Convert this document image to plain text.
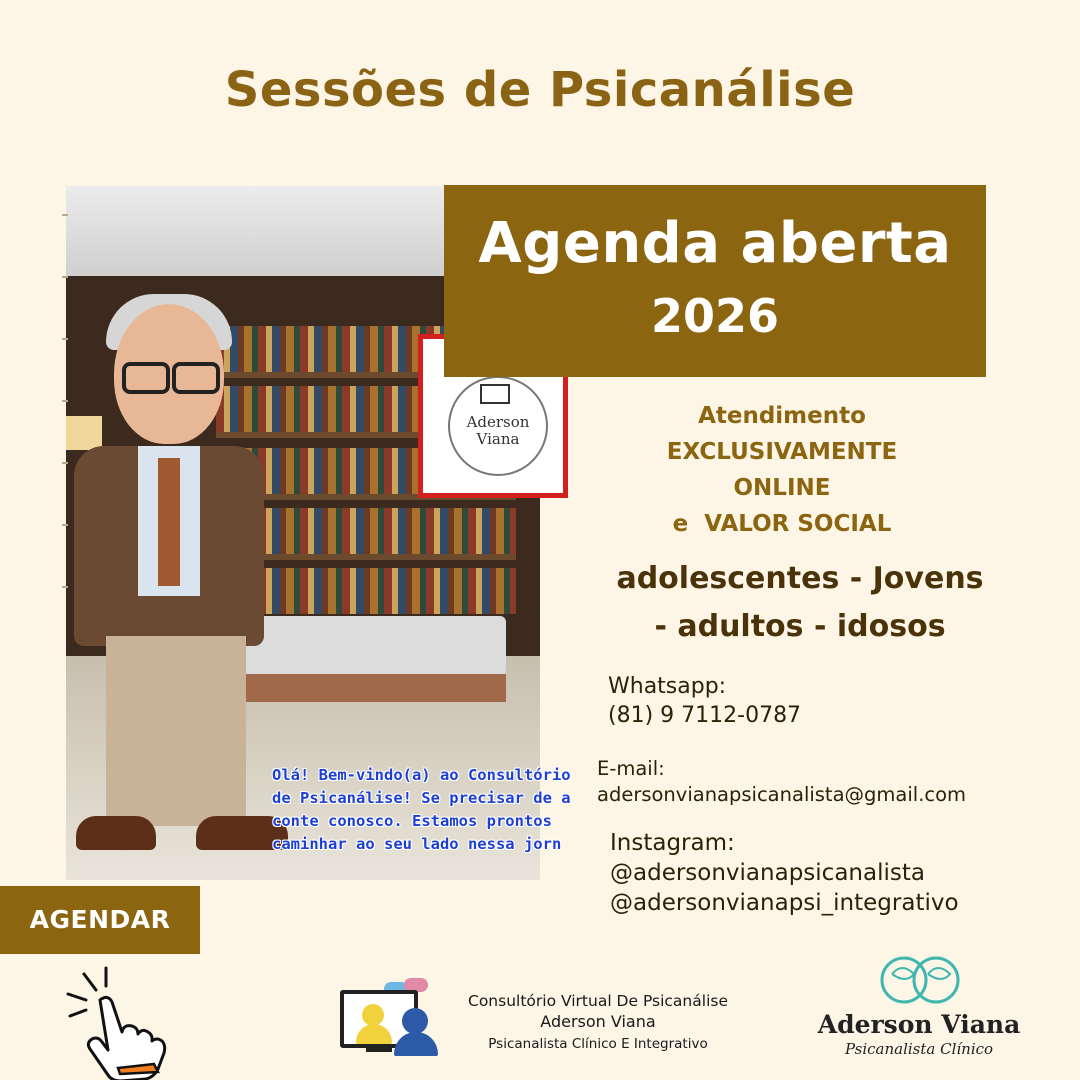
Sessões de Psicanálise
Aderson
Viana
Olá! Bem-vindo(a) ao Consultório
de Psicanálise! Se precisar de a
conte conosco. Estamos prontos
caminhar ao seu lado nessa jorn
Agenda aberta
2026
Atendimento
EXCLUSIVAMENTE
ONLINE
e  VALOR SOCIAL
adolescentes - Jovens
- adultos - idosos
Whatsapp:
(81) 9 7112-0787
E-mail:
adersonvianapsicanalista@gmail.com
Instagram:
@adersonvianapsicanalista
@adersonvianapsi_integrativo
AGENDAR
Consultório Virtual De Psicanálise
Aderson Viana
Psicanalista Clínico E Integrativo
Aderson Viana
Psicanalista Clínico
